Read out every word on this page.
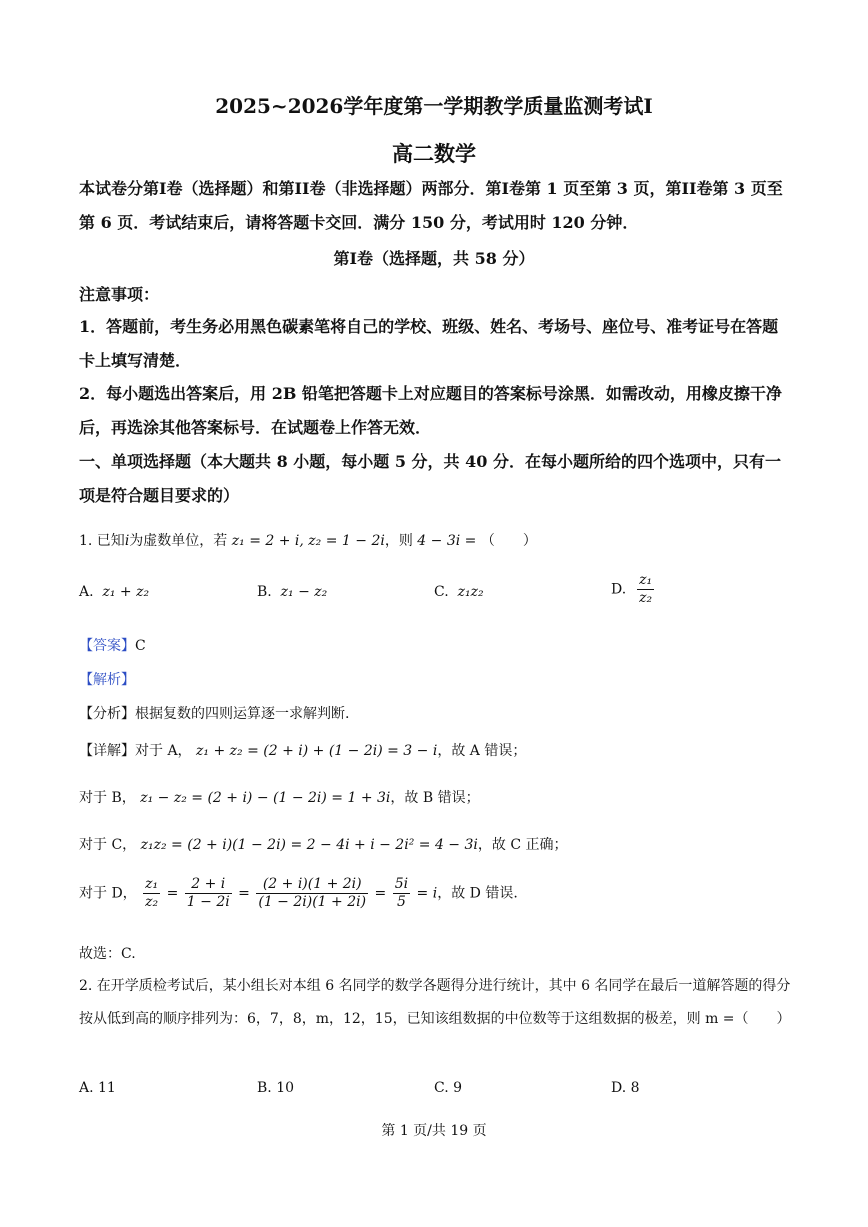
2025~2026学年度第一学期教学质量监测考试I
高二数学
本试卷分第I卷（选择题）和第II卷（非选择题）两部分．第I卷第 1 页至第 3 页，第II卷第 3 页至第 6 页．考试结束后，请将答题卡交回．满分 150 分，考试用时 120 分钟．
第I卷（选择题，共 58 分）
注意事项：
1．答题前，考生务必用黑色碳素笔将自己的学校、班级、姓名、考场号、座位号、准考证号在答题卡上填写清楚．
2．每小题选出答案后，用 2B 铅笔把答题卡上对应题目的答案标号涂黑．如需改动，用橡皮擦干净后，再选涂其他答案标号．在试题卷上作答无效．
一、单项选择题（本大题共 8 小题，每小题 5 分，共 40 分．在每小题所给的四个选项中，只有一项是符合题目要求的）
1. 已知i为虚数单位，若 z₁ = 2 + i, z₂ = 1 − 2i，则 4 − 3i = （　　）
A. z₁ + z₂	B. z₁ − z₂	C. z₁z₂	D. $\frac{\text{z₁}}{\text{z₂}}$
【答案】C
【解析】
【分析】根据复数的四则运算逐一求解判断.
【详解】对于 A， z₁ + z₂ = (2 + i) + (1 − 2i) = 3 − i，故 A 错误；
对于 B， z₁ − z₂ = (2 + i) − (1 − 2i) = 1 + 3i，故 B 错误；
对于 C， z₁z₂ = (2 + i)(1 − 2i) = 2 − 4i + i − 2i² = 4 − 3i，故 C 正确；
对于 D， $\frac{\text{z₁}}{\text{z₂}} = \frac{2 + i}{1 - 2i} = \frac{(2 + i)(1 + 2i)}{(1 - 2i)(1 + 2i)} = \frac{5i}{5} = i$，故 D 错误.
故选：C.
2. 在开学质检考试后，某小组长对本组 6 名同学的数学各题得分进行统计，其中 6 名同学在最后一道解答题的得分按从低到高的顺序排列为：6，7，8，m，12，15，已知该组数据的中位数等于这组数据的极差，则 m =（　　）
A. 11	B. 10	C. 9	D. 8
第 1 页/共 19 页
